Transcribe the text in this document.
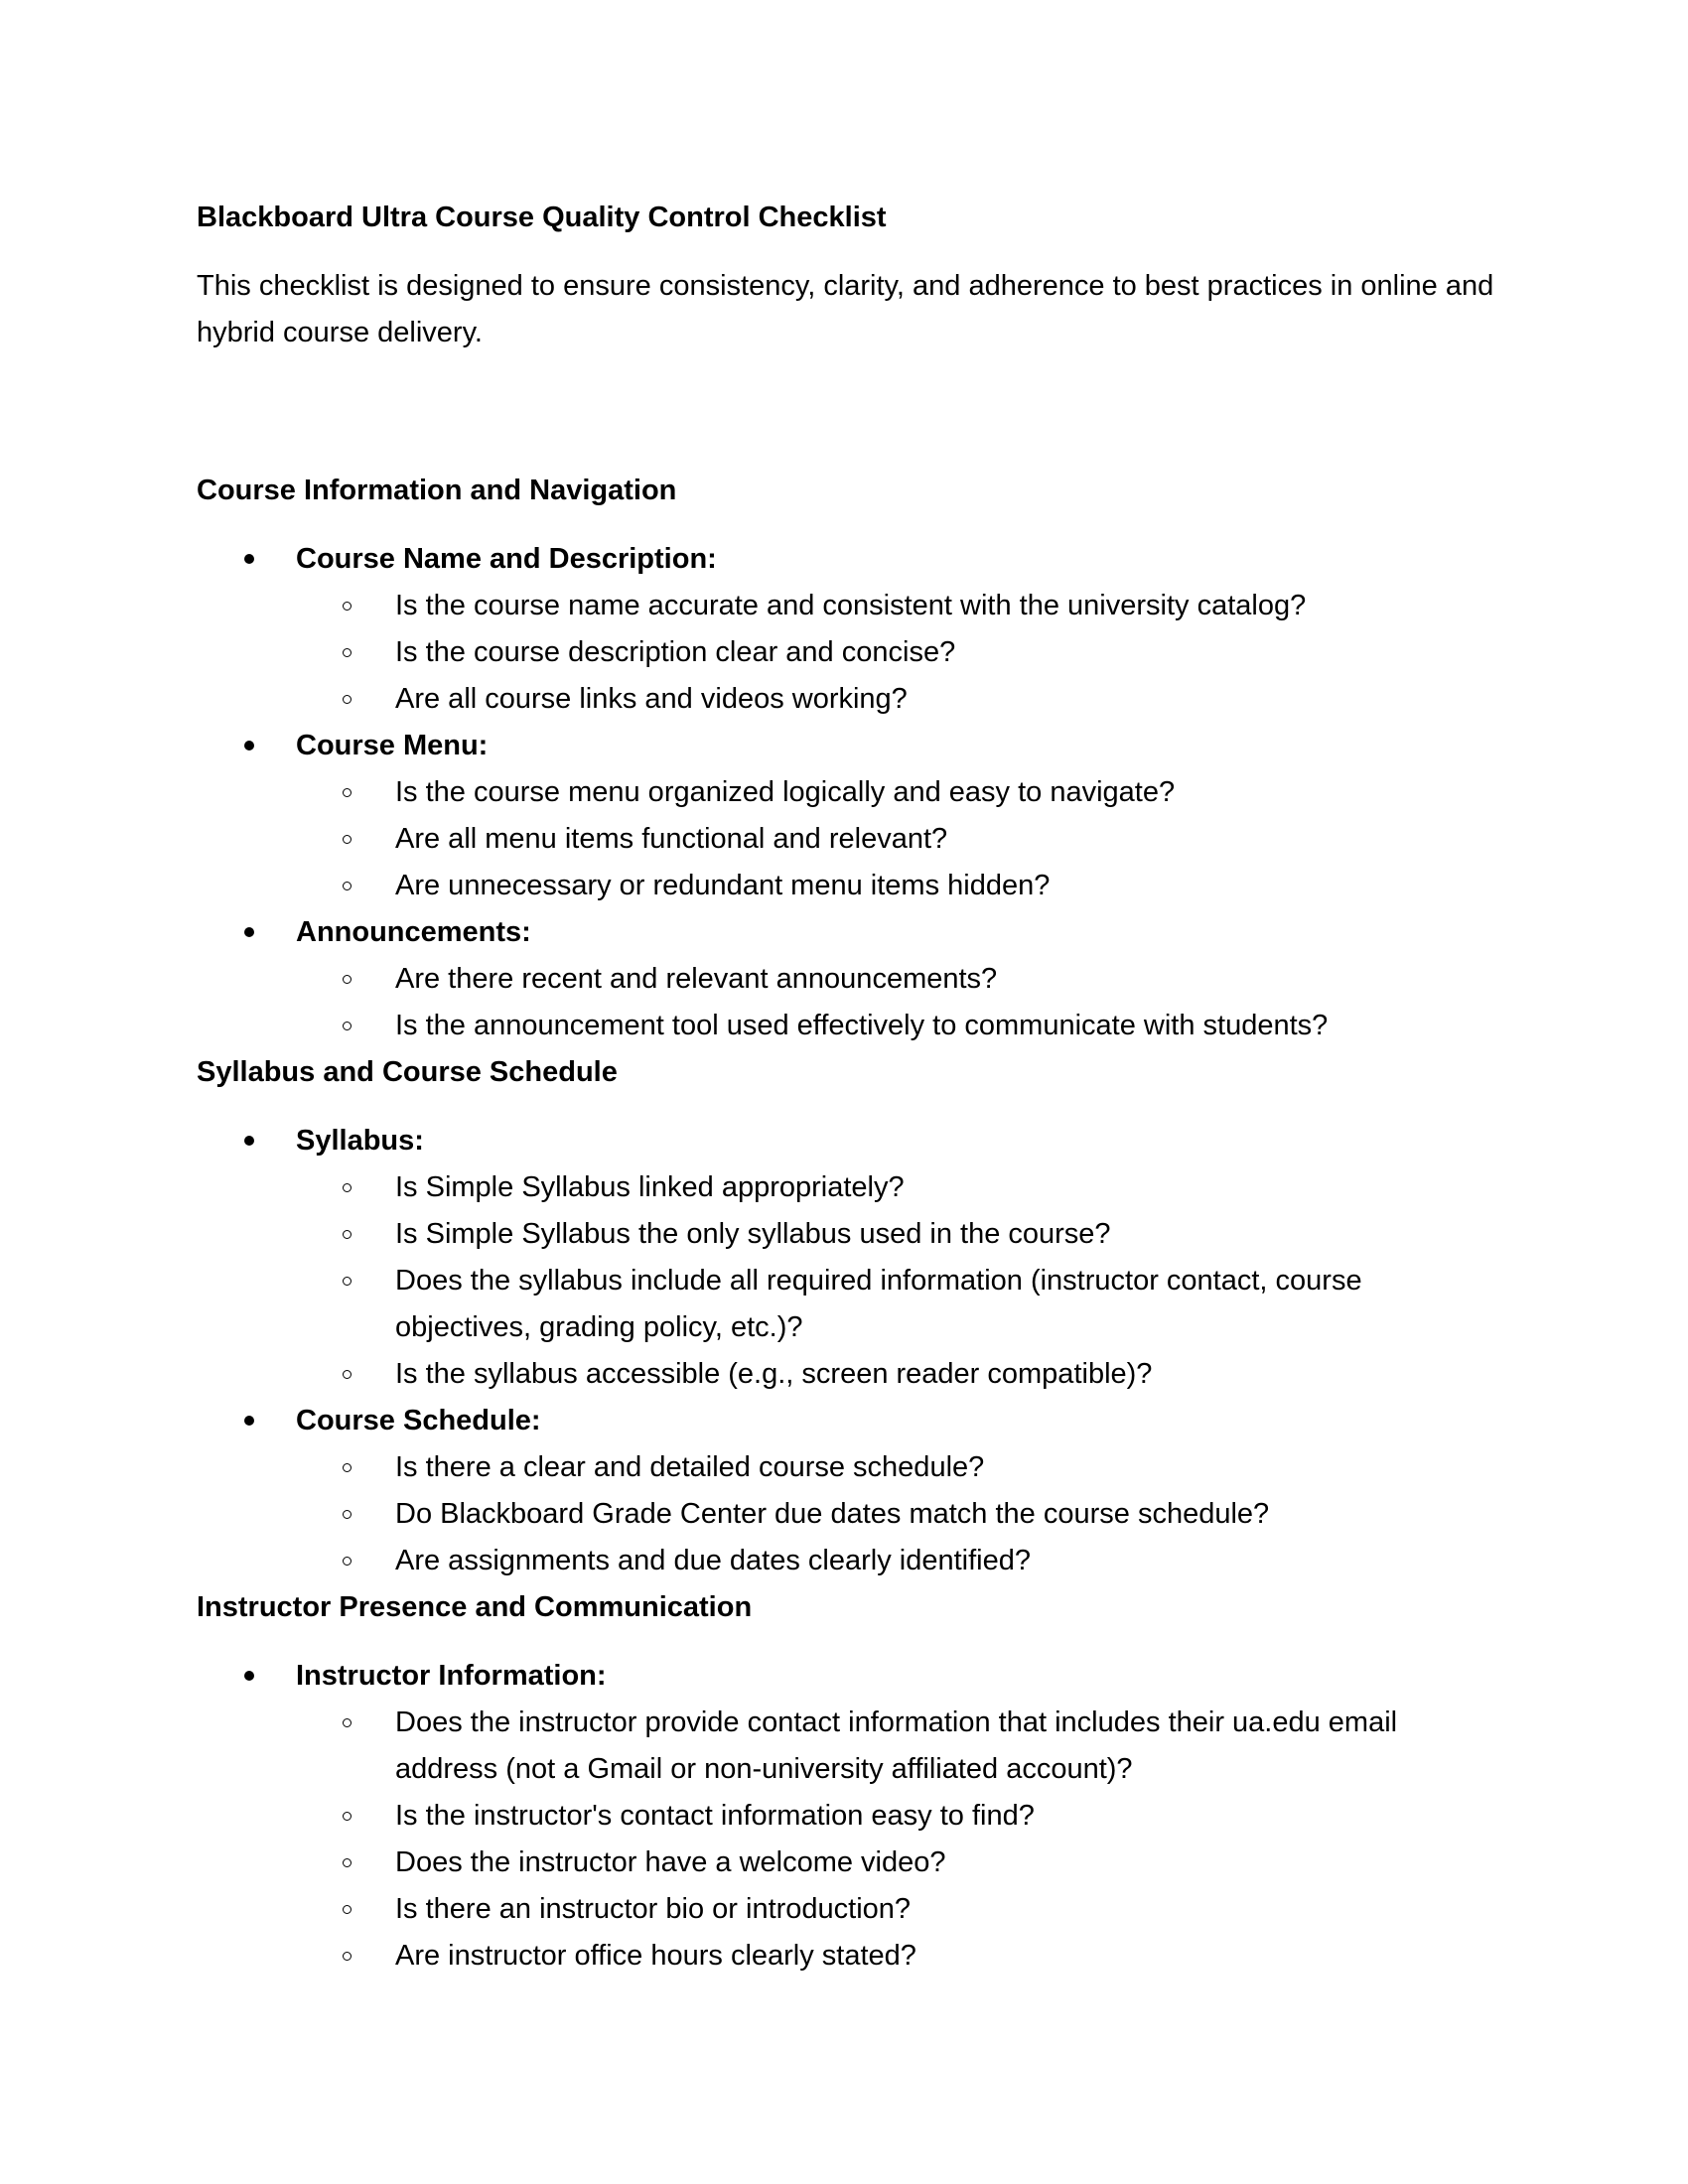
Blackboard Ultra Course Quality Control Checklist
This checklist is designed to ensure consistency, clarity, and adherence to best practices in online and hybrid course delivery.
Course Information and Navigation
Course Name and Description:
Is the course name accurate and consistent with the university catalog?
Is the course description clear and concise?
Are all course links and videos working?
Course Menu:
Is the course menu organized logically and easy to navigate?
Are all menu items functional and relevant?
Are unnecessary or redundant menu items hidden?
Announcements:
Are there recent and relevant announcements?
Is the announcement tool used effectively to communicate with students?
Syllabus and Course Schedule
Syllabus:
Is Simple Syllabus linked appropriately?
Is Simple Syllabus the only syllabus used in the course?
Does the syllabus include all required information (instructor contact, course objectives, grading policy, etc.)?
Is the syllabus accessible (e.g., screen reader compatible)?
Course Schedule:
Is there a clear and detailed course schedule?
Do Blackboard Grade Center due dates match the course schedule?
Are assignments and due dates clearly identified?
Instructor Presence and Communication
Instructor Information:
Does the instructor provide contact information that includes their ua.edu email address (not a Gmail or non-university affiliated account)?
Is the instructor's contact information easy to find?
Does the instructor have a welcome video?
Is there an instructor bio or introduction?
Are instructor office hours clearly stated?
